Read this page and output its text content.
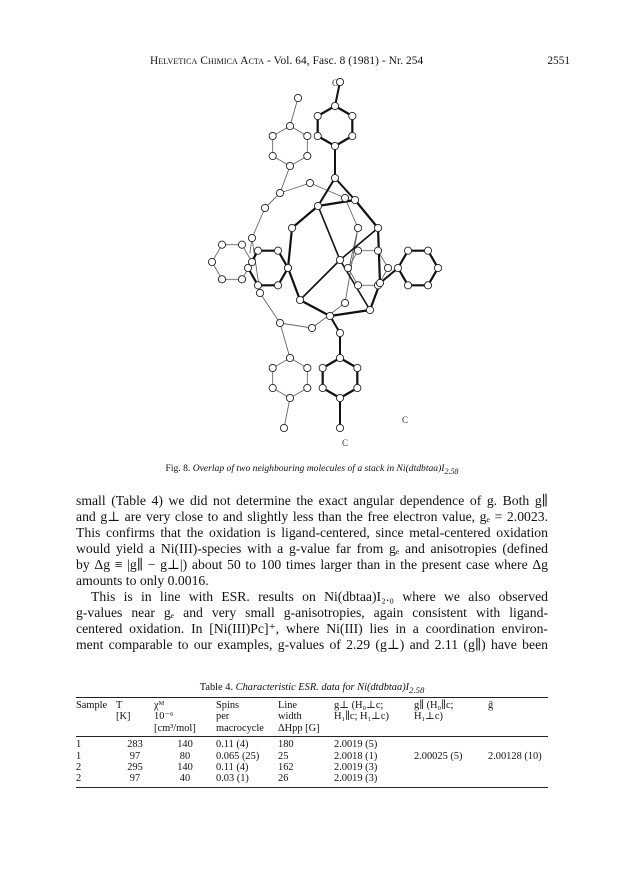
Helvetica Chimica Acta - Vol. 64, Fasc. 8 (1981) - Nr. 254	2551
C
C
C
Fig. 8. Overlap of two neighbouring molecules of a stack in $Ni(dtdbtaa)I_{2.58}$

small (Table 4) we did not determine the exact angular dependence of g. Both g∥

and g⊥ are very close to and slightly less than the free electron value, gₑ = 2.0023.

This confirms that the oxidation is ligand-centered, since metal-centered oxidation

would yield a Ni(III)-species with a g-value far from gₑ and anisotropies (defined

by Δg ≡ |g∥ − g⊥|) about 50 to 100 times larger than in the present case where Δg

amounts to only 0.0016.

This is in line with ESR. results on Ni(dbtaa)I₂.₀ where we also observed

g-values near gₑ and very small g-anisotropies, again consistent with ligand-

centered oxidation. In [Ni(III)Pc]⁺, where Ni(III) lies in a coordination environ-

ment comparable to our examples, g-values of 2.29 (g⊥) and 2.11 (g∥) have been

Table 4. Characteristic ESR. data for $Ni(dtdbtaa)I_{2.58}$
Sample	T	χᴹ	Spins	Line	g⊥ (H₀⊥c;	g∥ (H₀∥c;	ḡ
	[K]	10⁻⁶	per	width	H₁∥c; H₁⊥c)	H₁⊥c)	
		[cm³/mol]	macrocycle	ΔHpp [G]			
1	283	140	0.11 (4)	180	2.0019 (5)		
1	97	80	0.065 (25)	25	2.0018 (1)	2.00025 (5)	2.00128 (10)
2	295	140	0.11 (4)	162	2.0019 (3)		
2	97	40	0.03 (1)	26	2.0019 (3)		
